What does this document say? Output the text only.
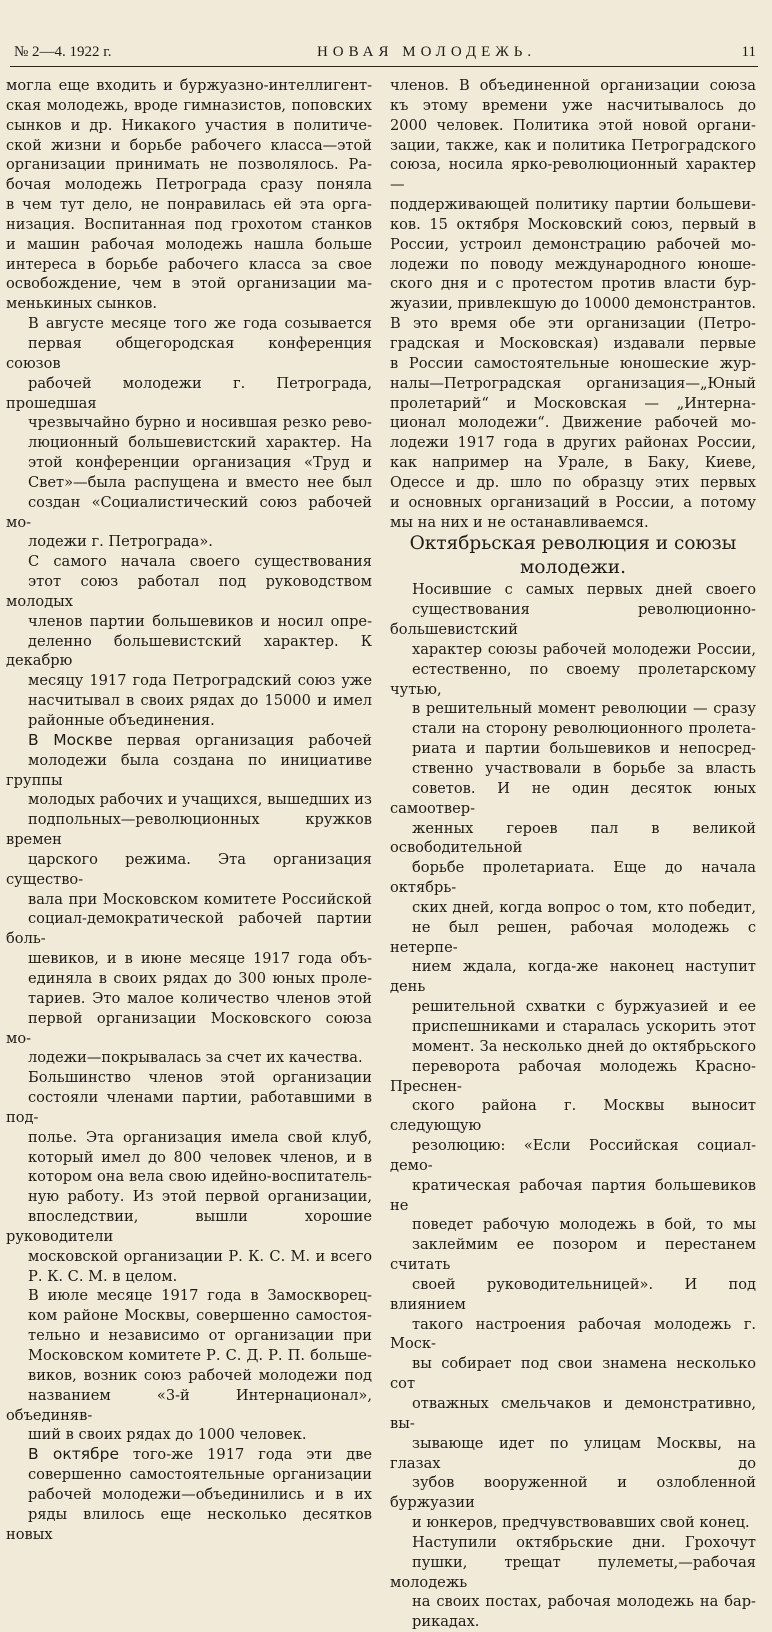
№ 2—4. 1922 г.	НОВАЯ МОЛОДЕЖЬ.	11

могла еще входить и буржуазно-интеллигент-
ская молодежь, вроде гимназистов, поповских
сынков и др. Никакого участия в политиче-
ской жизни и борьбе рабочего класса—этой
организации принимать не позволялось. Ра-
бочая молодежь Петрограда сразу поняла
в чем тут дело, не понравилась ей эта орга-
низация. Воспитанная под грохотом станков
и машин рабочая молодежь нашла больше
интереса в борьбе рабочего класса за свое
освобождение, чем в этой организации ма-
менькиных сынков.

В августе месяце того же года созывается
первая общегородская конференция союзов
рабочей молодежи г. Петрограда, прошедшая
чрезвычайно бурно и носившая резко рево-
люционный большевистский характер. На
этой конференции организация «Труд и
Свет»—была распущена и вместо нее был
создан «Социалистический союз рабочей мо-
лодежи г. Петрограда».

С самого начала своего существования
этот союз работал под руководством молодых
членов партии большевиков и носил опре-
деленно большевистский характер. К декабрю
месяцу 1917 года Петроградский союз уже
насчитывал в своих рядах до 15000 и имел
районные объединения.

В Москве первая организация рабочей
молодежи была создана по инициативе группы
молодых рабочих и учащихся, вышедших из
подпольных—революционных кружков времен
царского режима. Эта организация существо-
вала при Московском комитете Российской
социал-демократической рабочей партии боль-
шевиков, и в июне месяце 1917 года объ-
единяла в своих рядах до 300 юных проле-
тариев. Это малое количество членов этой
первой организации Московского союза мо-
лодежи—покрывалась за счет их качества.

Большинство членов этой организации
состояли членами партии, работавшими в под-
полье. Эта организация имела свой клуб,
который имел до 800 человек членов, и в
котором она вела свою идейно-воспитатель-
ную работу. Из этой первой организации,
впоследствии, вышли хорошие руководители
московской организации Р. К. С. М. и всего
Р. К. С. М. в целом.

В июле месяце 1917 года в Замоскворец-
ком районе Москвы, совершенно самостоя-
тельно и независимо от организации при
Московском комитете Р. С. Д. Р. П. больше-
виков, возник союз рабочей молодежи под
названием «3-й Интернационал», объединяв-
ший в своих рядах до 1000 человек.

В октябре того-же 1917 года эти две
совершенно самостоятельные организации
рабочей молодежи—объединились и в их
ряды влилось еще несколько десятков новых

членов. В объединенной организации союза
къ этому времени уже насчитывалось до
2000 человек. Политика этой новой органи-
зации, также, как и политика Петроградского
союза, носила ярко-революционный характер—
поддерживающей политику партии большеви-
ков. 15 октября Московский союз, первый в
России, устроил демонстрацию рабочей мо-
лодежи по поводу международного юноше-
ского дня и с протестом против власти бур-
жуазии, привлекшую до 10000 демонстрантов.
В это время обе эти организации (Петро-
градская и Московская) издавали первые
в России самостоятельные юношеские жур-
налы—Петроградская организация—„Юный
пролетарий“ и Московская — „Интерна-
ционал молодежи“. Движение рабочей мо-
лодежи 1917 года в других районах России,
как например на Урале, в Баку, Киеве,
Одессе и др. шло по образцу этих первых
и основных организаций в России, а потому
мы на них и не останавливаемся.

Октябрьская революция и союзы
молодежи.

Носившие с самых первых дней своего
существования революционно-большевистский
характер союзы рабочей молодежи России,
естественно, по своему пролетарскому чутью,
в решительный момент революции — сразу
стали на сторону революционного пролета-
риата и партии большевиков и непосред-
ственно участвовали в борьбе за власть
советов. И не один десяток юных самоотвер-
женных героев пал в великой освободительной
борьбе пролетариата. Еще до начала октябрь-
ских дней, когда вопрос о том, кто победит,
не был решен, рабочая молодежь с нетерпе-
нием ждала, когда-же наконец наступит день
решительной схватки с буржуазией и ее
приспешниками и старалась ускорить этот
момент. За несколько дней до октябрьского
переворота рабочая молодежь Красно-Преснен-
ского района г. Москвы выносит следующую
резолюцию: «Если Российская социал-демо-
кратическая рабочая партия большевиков не
поведет рабочую молодежь в бой, то мы
заклеймим ее позором и перестанем считать
своей руководительницей». И под влиянием
такого настроения рабочая молодежь г. Моск-
вы собирает под свои знамена несколько сот
отважных смельчаков и демонстративно, вы-
зывающе идет по улицам Москвы, на глазах до
зубов вооруженной и озлобленной буржуазии
и юнкеров, предчувствовавших свой конец.

Наступили октябрьские дни. Грохочут
пушки, трещат пулеметы,—рабочая молодежь
на своих постах, рабочая молодежь на бар-
рикадах.
